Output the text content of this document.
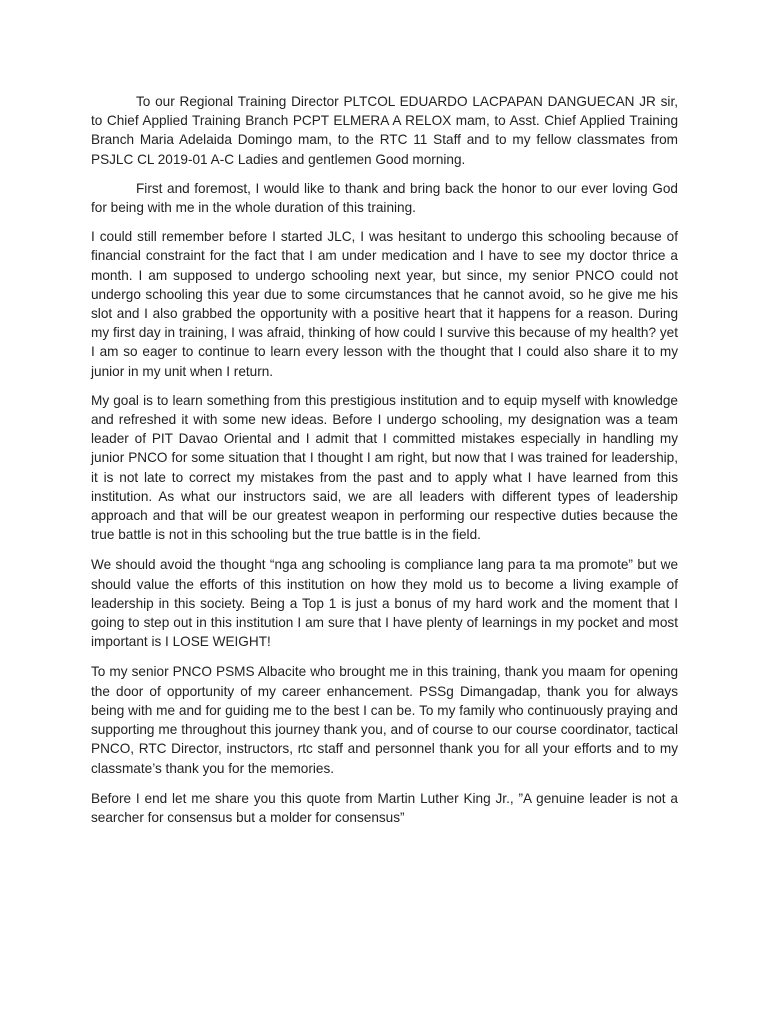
To our Regional Training Director PLTCOL EDUARDO LACPAPAN DANGUECAN JR sir, to Chief Applied Training Branch PCPT ELMERA A RELOX mam, to Asst. Chief Applied Training Branch Maria Adelaida Domingo mam, to the RTC 11 Staff and to my fellow classmates from PSJLC CL 2019-01 A-C Ladies and gentlemen Good morning.

First and foremost, I would like to thank and bring back the honor to our ever loving God for being with me in the whole duration of this training.

I could still remember before I started JLC, I was hesitant to undergo this schooling because of financial constraint for the fact that I am under medication and I have to see my doctor thrice a month. I am supposed to undergo schooling next year, but since, my senior PNCO could not undergo schooling this year due to some circumstances that he cannot avoid, so he give me his slot and I also grabbed the opportunity with a positive heart that it happens for a reason. During my first day in training, I was afraid, thinking of how could I survive this because of my health? yet I am so eager to continue to learn every lesson with the thought that I could also share it to my junior in my unit when I return.

My goal is to learn something from this prestigious institution and to equip myself with knowledge and refreshed it with some new ideas. Before I undergo schooling, my designation was a team leader of PIT Davao Oriental and I admit that I committed mistakes especially in handling my junior PNCO for some situation that I thought I am right, but now that I was trained for leadership, it is not late to correct my mistakes from the past and to apply what I have learned from this institution. As what our instructors said, we are all leaders with different types of leadership approach and that will be our greatest weapon in performing our respective duties because the true battle is not in this schooling but the true battle is in the field.

We should avoid the thought “nga ang schooling is compliance lang para ta ma promote” but we should value the efforts of this institution on how they mold us to become a living example of leadership in this society. Being a Top 1 is just a bonus of my hard work and the moment that I going to step out in this institution I am sure that I have plenty of learnings in my pocket and most important is I LOSE WEIGHT!

To my senior PNCO PSMS Albacite who brought me in this training, thank you maam for opening the door of opportunity of my career enhancement. PSSg Dimangadap, thank you for always being with me and for guiding me to the best I can be. To my family who continuously praying and supporting me throughout this journey thank you, and of course to our course coordinator, tactical PNCO, RTC Director, instructors, rtc staff and personnel thank you for all your efforts and to my classmate’s thank you for the memories.

Before I end let me share you this quote from Martin Luther King Jr., ”A genuine leader is not a searcher for consensus but a molder for consensus”
